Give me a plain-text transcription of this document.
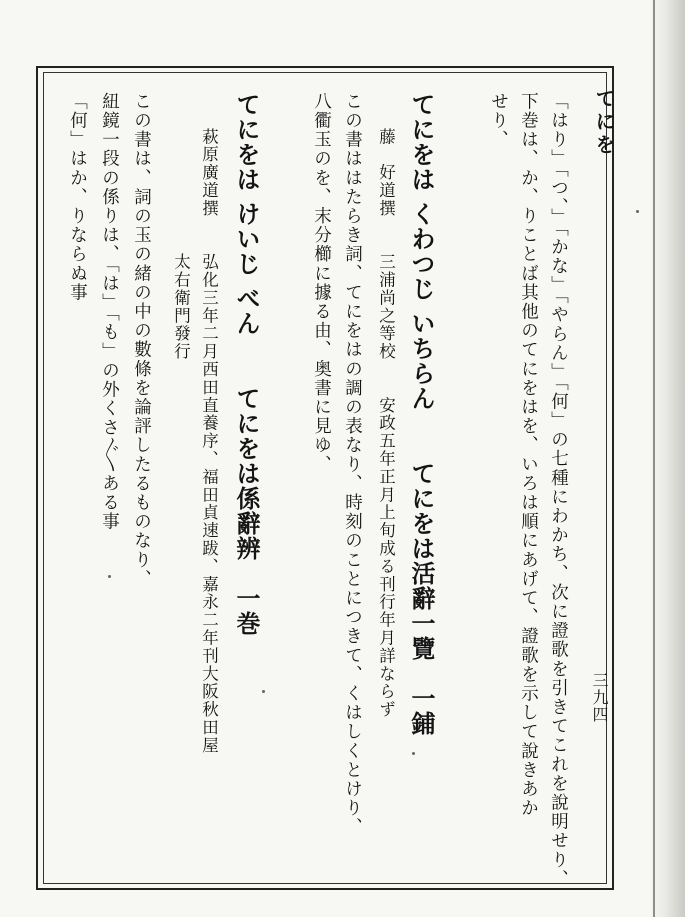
てにを
三九四
「はり」「つ、」「かな」「やらん」「何」の七種にわかち、次に證歌を引きてこれを說明せり、
下巻は、か、りことば其他のてにをはを、いろは順にあげて、證歌を示して說きあか
せり、
てにをは くわつじ いちらん　　てにをは活辭一覽　一鋪
　　藤　好道撰　　三浦尚之等校　　安政五年正月上旬成る刊行年月詳ならず
この書ははたらき詞、てにをはの調の表なり、時刻のことにつきて、くはしくとけり、
八衢玉のを、末分櫛に據る由、奥書に見ゆ、
てにをは けいじ べん　　てにをは係辭辨　一巻
　　萩原廣道撰　　弘化三年二月西田直養序、福田貞速跋、嘉永二年刊大阪秋田屋
　　　　　　　　　太右衛門發行
この書は、詞の玉の緒の中の數條を論評したるものなり、
紐鏡一段の係りは、「は」「も」の外くさ〲ある事
「何」はか、りならぬ事
